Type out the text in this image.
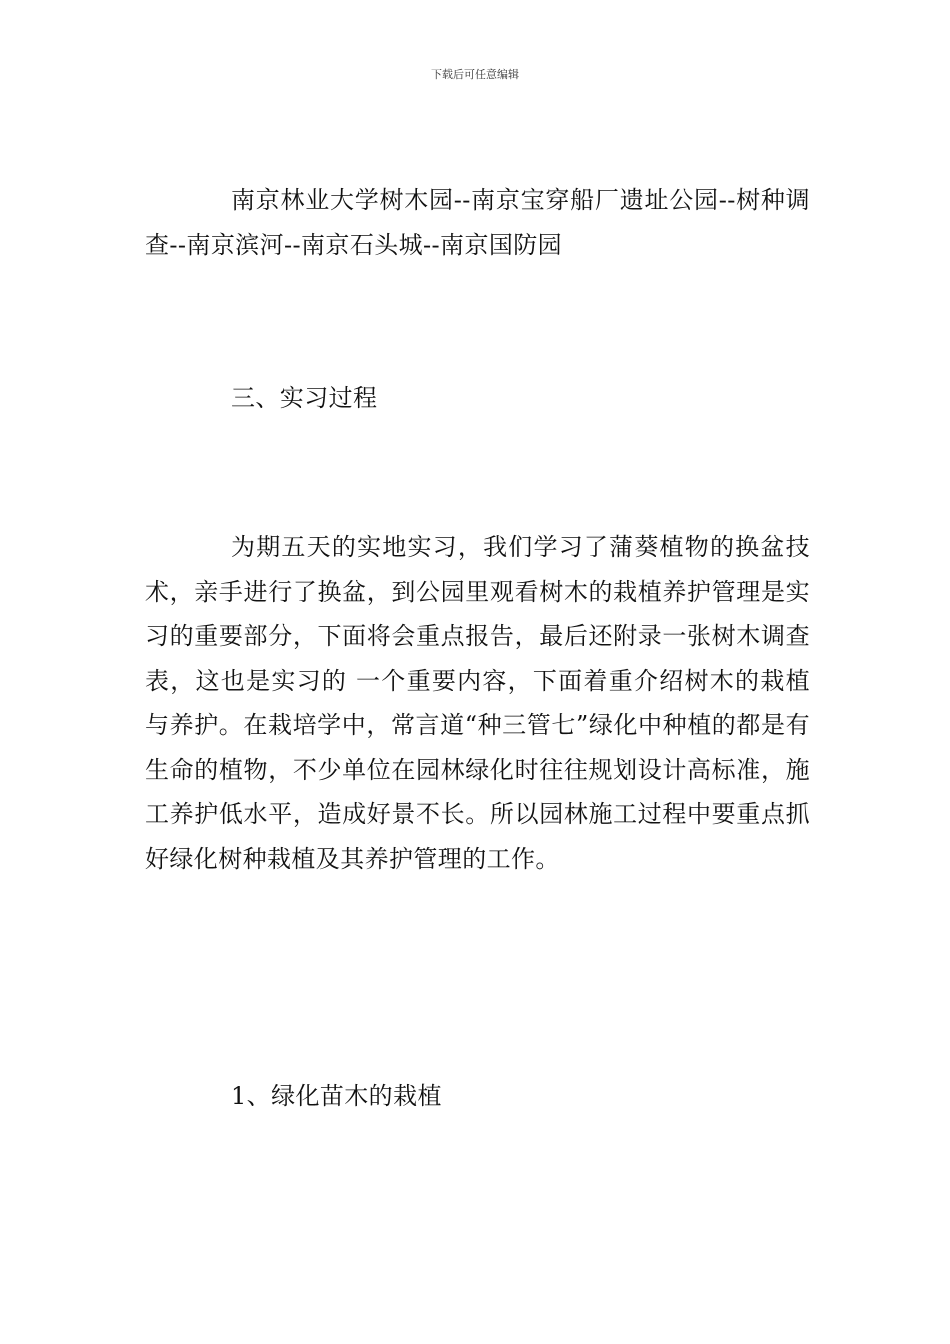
下载后可任意编辑

南京林业大学树木园--南京宝穿船厂遗址公园--树种调查--南京滨河--南京石头城--南京国防园

三、实习过程

为期五天的实地实习，我们学习了蒲葵植物的换盆技术，亲手进行了换盆，到公园里观看树木的栽植养护管理是实习的重要部分，下面将会重点报告，最后还附录一张树木调查表，这也是实习的 一个重要内容，下面着重介绍树木的栽植与养护。在栽培学中，常言道“种三管七”绿化中种植的都是有生命的植物，不少单位在园林绿化时往往规划设计高标准，施工养护低水平，造成好景不长。所以园林施工过程中要重点抓好绿化树种栽植及其养护管理的工作。

1、绿化苗木的栽植
